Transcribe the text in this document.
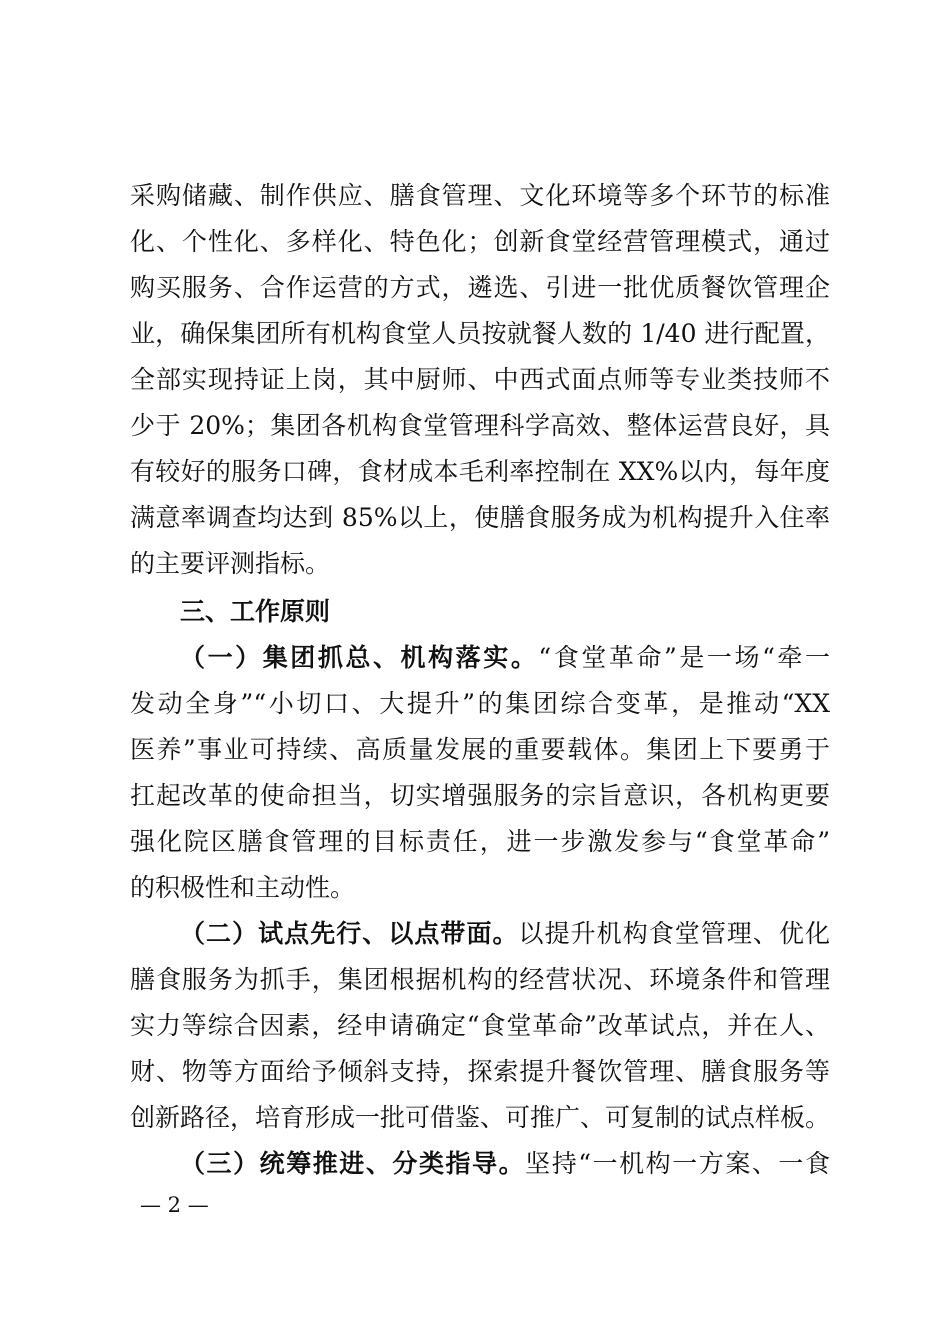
采购储藏、制作供应、膳食管理、文化环境等多个环节的标准
化、个性化、多样化、特色化；创新食堂经营管理模式，通过
购买服务、合作运营的方式，遴选、引进一批优质餐饮管理企
业，确保集团所有机构食堂人员按就餐人数的 1/40 进行配置，
全部实现持证上岗，其中厨师、中西式面点师等专业类技师不
少于 20%；集团各机构食堂管理科学高效、整体运营良好，具
有较好的服务口碑，食材成本毛利率控制在 XX%以内，每年度
满意率调查均达到 85%以上，使膳食服务成为机构提升入住率
的主要评测指标。
三、工作原则
（一）集团抓总、机构落实。“食堂革命”是一场“牵一
发动全身”“小切口、大提升”的集团综合变革，是推动“XX
医养”事业可持续、高质量发展的重要载体。集团上下要勇于
扛起改革的使命担当，切实增强服务的宗旨意识，各机构更要
强化院区膳食管理的目标责任，进一步激发参与“食堂革命”
的积极性和主动性。
（二）试点先行、以点带面。以提升机构食堂管理、优化
膳食服务为抓手，集团根据机构的经营状况、环境条件和管理
实力等综合因素，经申请确定“食堂革命”改革试点，并在人、
财、物等方面给予倾斜支持，探索提升餐饮管理、膳食服务等
创新路径，培育形成一批可借鉴、可推广、可复制的试点样板。
（三）统筹推进、分类指导。坚持“一机构一方案、一食
— 2 —
